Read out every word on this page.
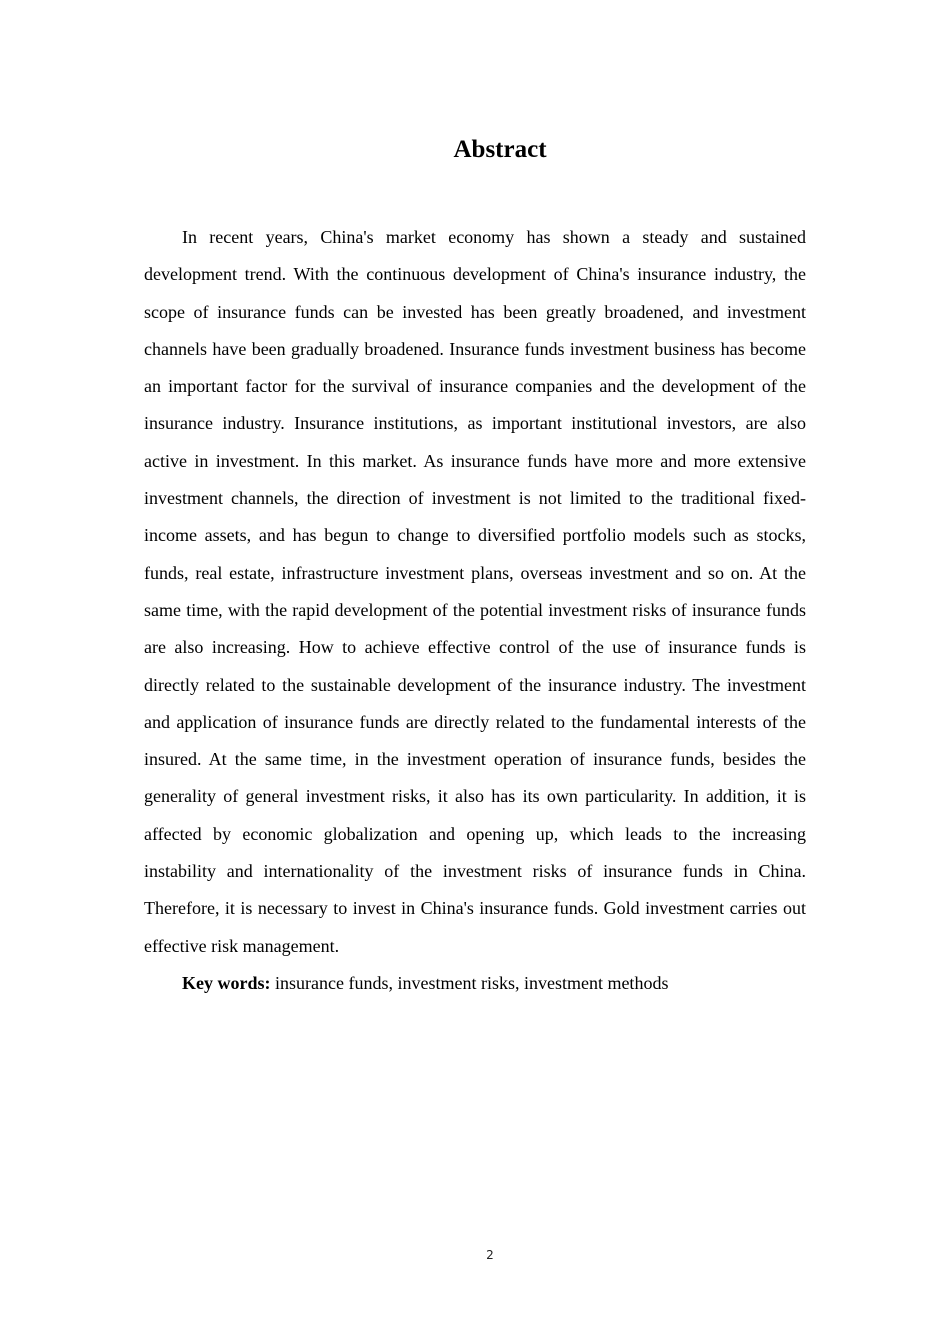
Abstract

In recent years, China's market economy has shown a steady and sustained development trend. With the continuous development of China's insurance industry, the scope of insurance funds can be invested has been greatly broadened, and investment channels have been gradually broadened. Insurance funds investment business has become an important factor for the survival of insurance companies and the development of the insurance industry. Insurance institutions, as important institutional investors, are also active in investment. In this market. As insurance funds have more and more extensive investment channels, the direction of investment is not limited to the traditional fixed-income assets, and has begun to change to diversified portfolio models such as stocks, funds, real estate, infrastructure investment plans, overseas investment and so on. At the same time, with the rapid development of the potential investment risks of insurance funds are also increasing. How to achieve effective control of the use of insurance funds is directly related to the sustainable development of the insurance industry. The investment and application of insurance funds are directly related to the fundamental interests of the insured. At the same time, in the investment operation of insurance funds, besides the generality of general investment risks, it also has its own particularity. In addition, it is affected by economic globalization and opening up, which leads to the increasing instability and internationality of the investment risks of insurance funds in China. Therefore, it is necessary to invest in China's insurance funds. Gold investment carries out effective risk management.

Key words: insurance funds, investment risks, investment methods

2
